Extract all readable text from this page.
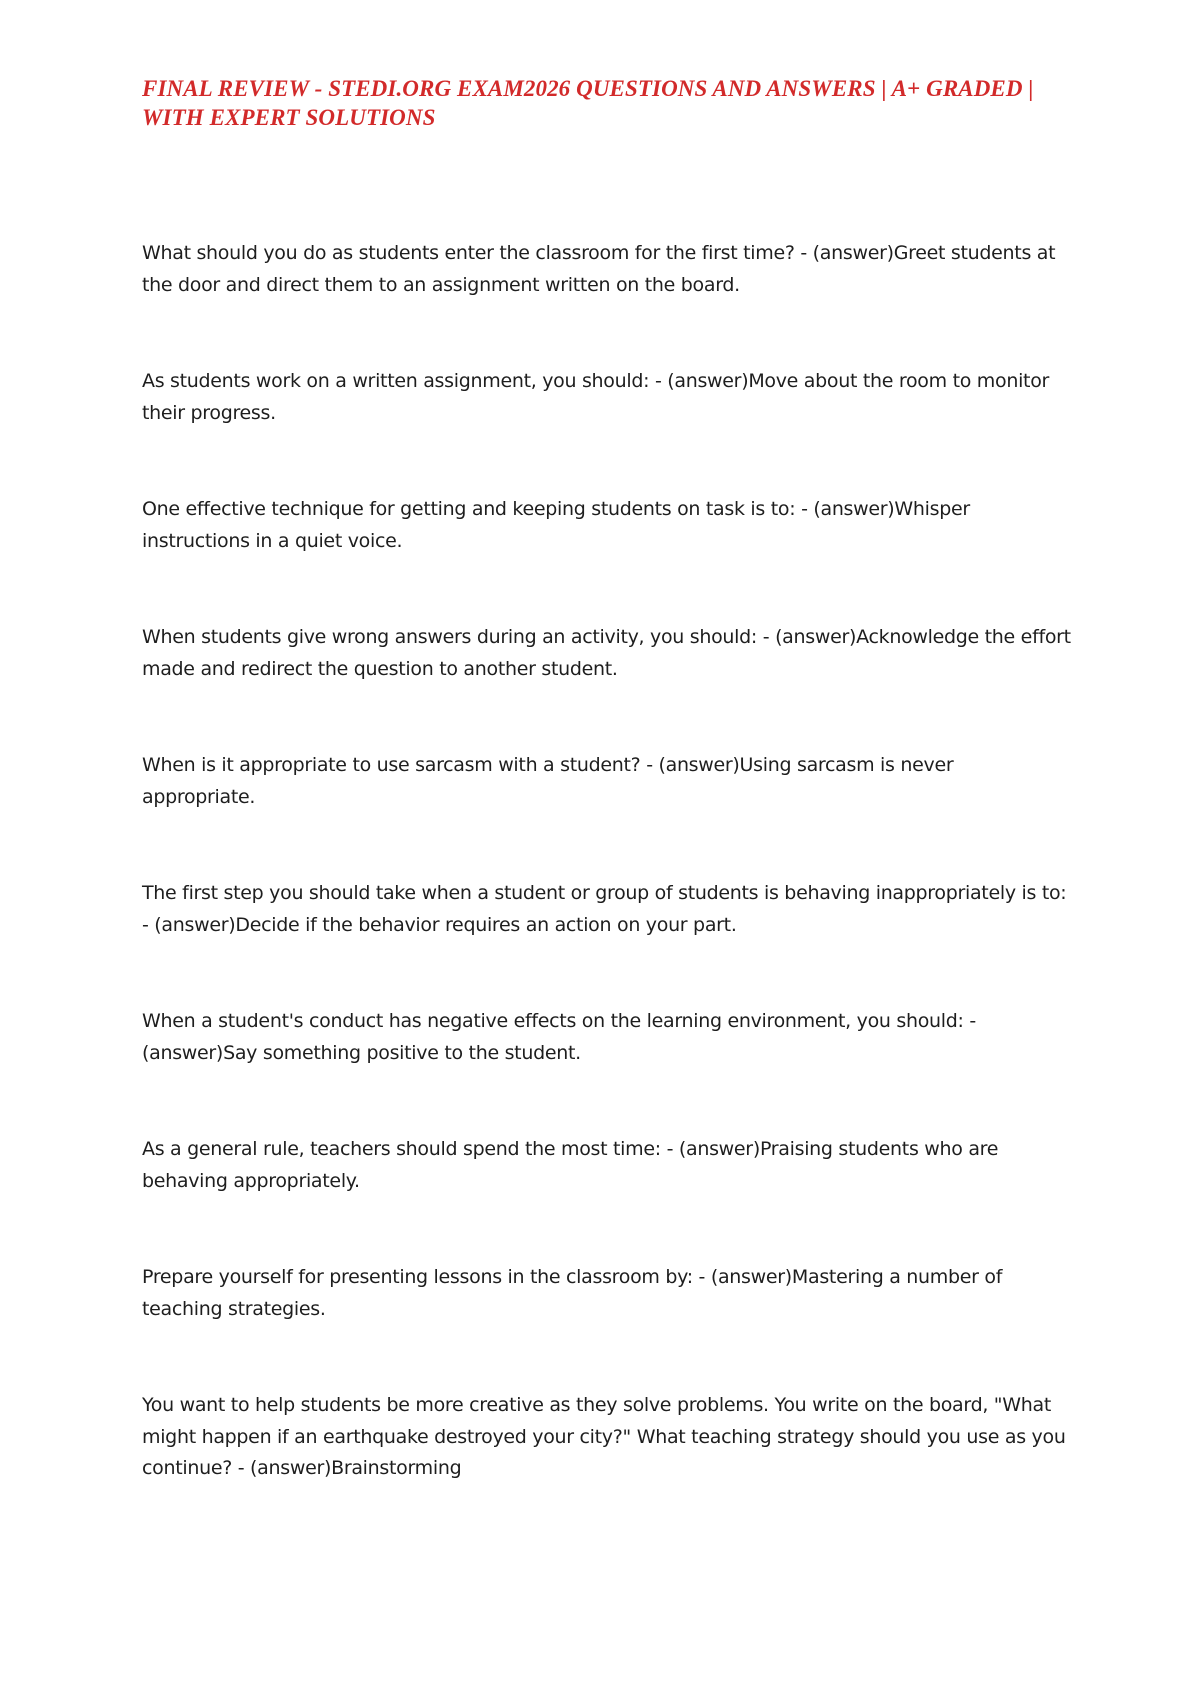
FINAL REVIEW - STEDI.ORG EXAM2026 QUESTIONS AND ANSWERS | A+ GRADED | WITH EXPERT SOLUTIONS
What should you do as students enter the classroom for the first time? - (answer)Greet students at the door and direct them to an assignment written on the board.
As students work on a written assignment, you should: - (answer)Move about the room to monitor their progress.
One effective technique for getting and keeping students on task is to: - (answer)Whisper instructions in a quiet voice.
When students give wrong answers during an activity, you should: - (answer)Acknowledge the effort made and redirect the question to another student.
When is it appropriate to use sarcasm with a student? - (answer)Using sarcasm is never appropriate.
The first step you should take when a student or group of students is behaving inappropriately is to: - (answer)Decide if the behavior requires an action on your part.
When a student's conduct has negative effects on the learning environment, you should: - (answer)Say something positive to the student.
As a general rule, teachers should spend the most time: - (answer)Praising students who are behaving appropriately.
Prepare yourself for presenting lessons in the classroom by: - (answer)Mastering a number of teaching strategies.
You want to help students be more creative as they solve problems. You write on the board, "What might happen if an earthquake destroyed your city?" What teaching strategy should you use as you continue? - (answer)Brainstorming
